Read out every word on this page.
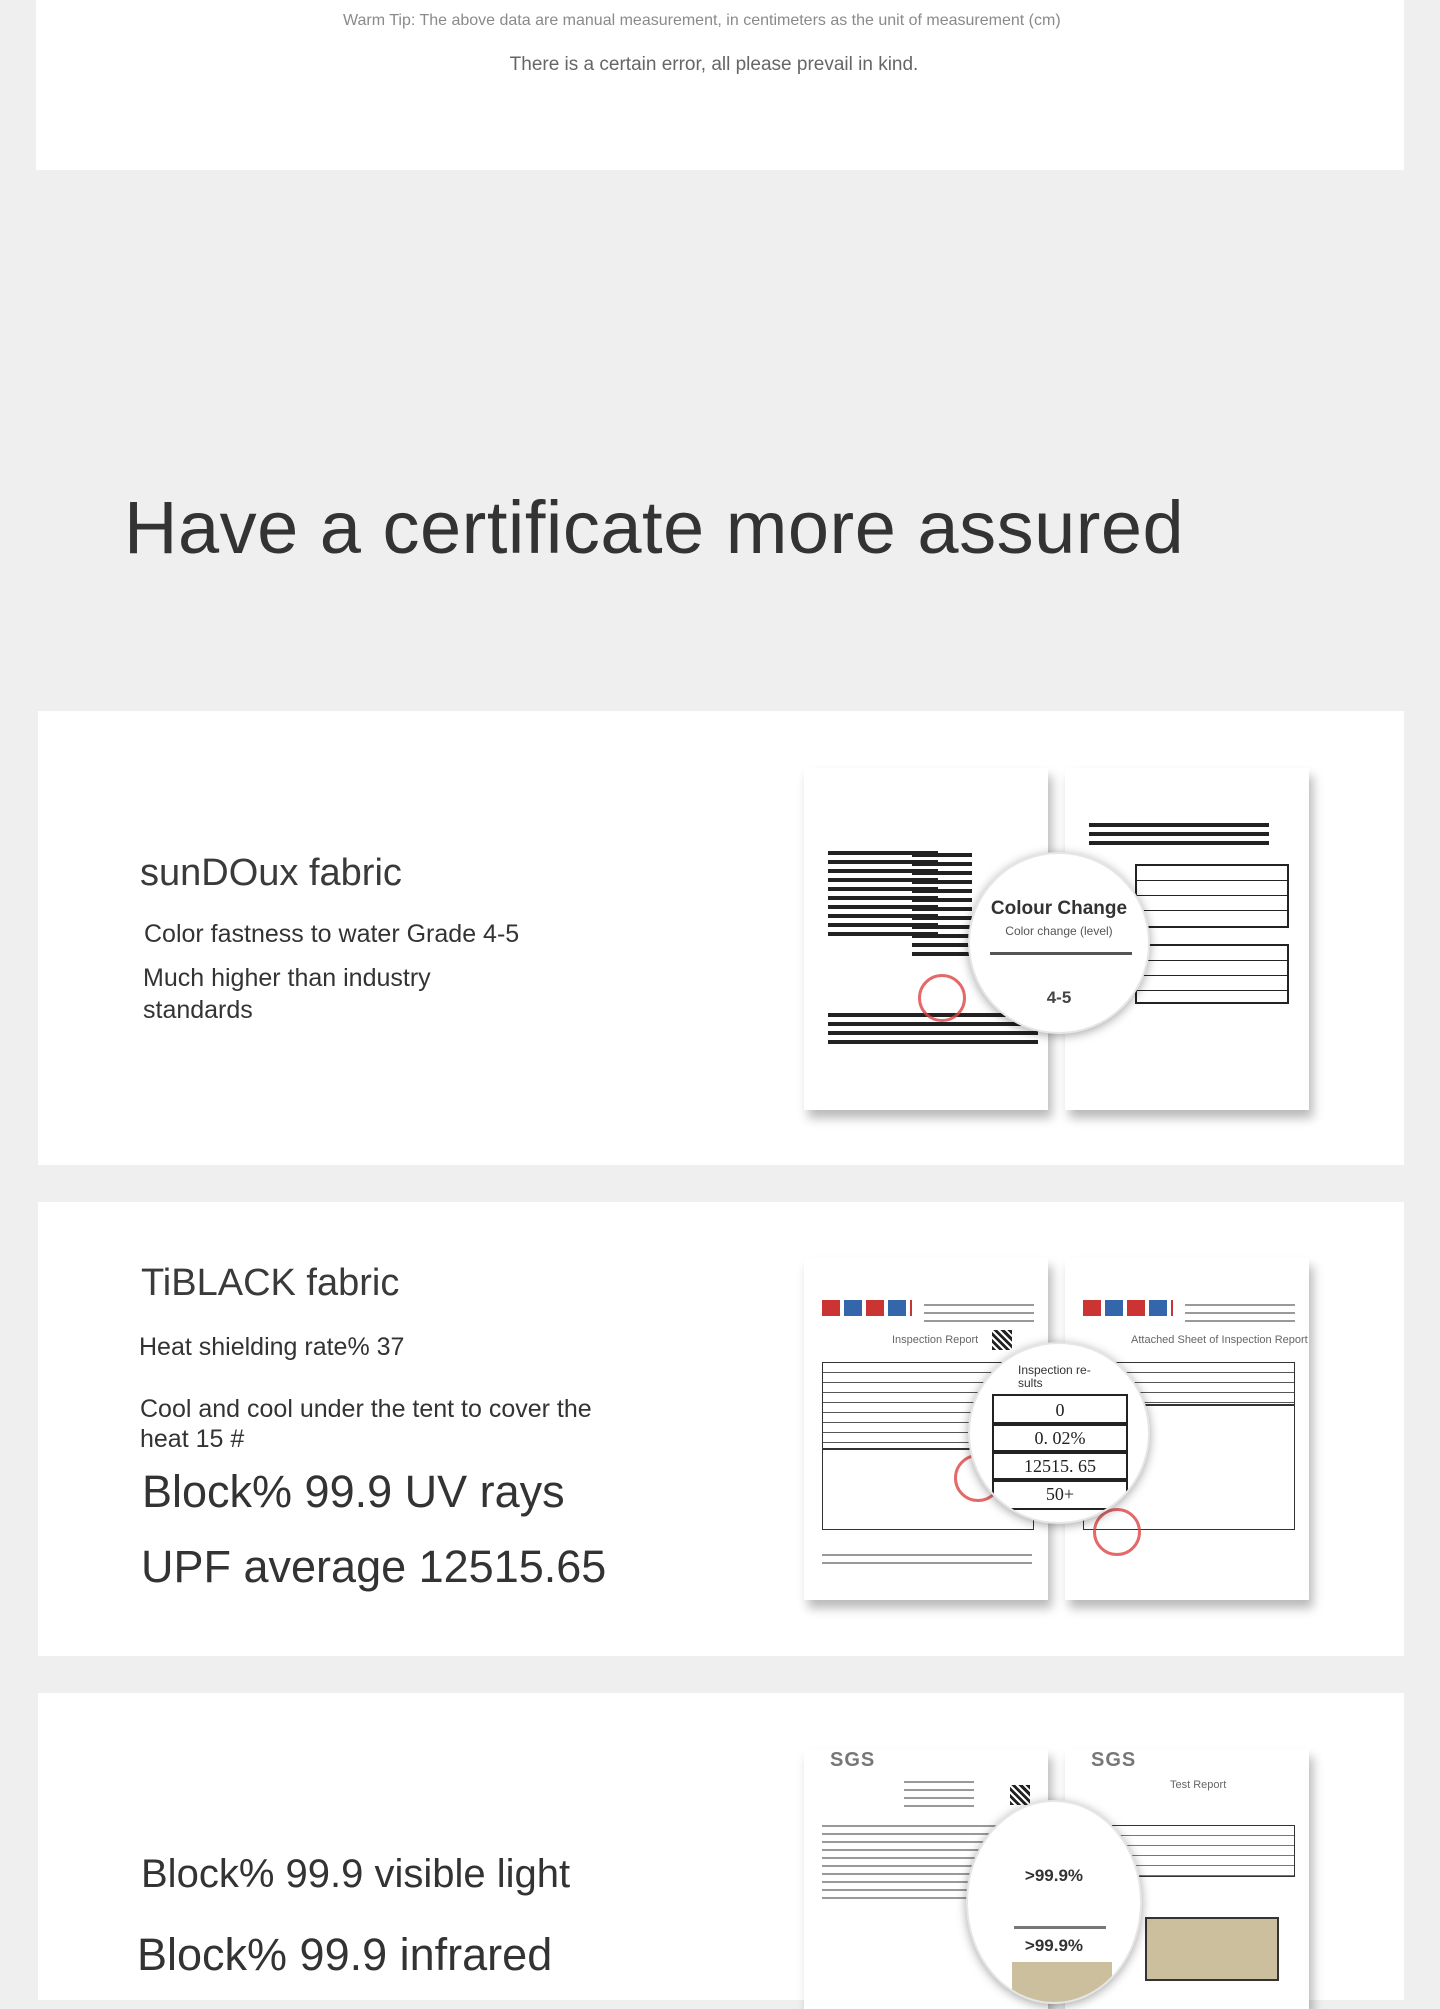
Warm Tip: The above data are manual measurement, in centimeters as the unit of measurement (cm)
There is a certain error, all please prevail in kind.
Have a certificate more assured
sunDOux fabric
Color fastness to water Grade 4-5
Much higher than industry standards
Colour Change
Color change (level)
4-5
TiBLACK fabric
Heat shielding rate% 37
Cool and cool under the tent to cover the heat 15 #
Block% 99.9 UV rays
UPF average 12515.65
Inspection Report	Attached Sheet of Inspection Report
Inspection re-sults
0
0. 02%
12515. 65
50+
Block% 99.9 visible light
Block% 99.9 infrared
SGS	SGS
Test Report
>99.9%
>99.9%
